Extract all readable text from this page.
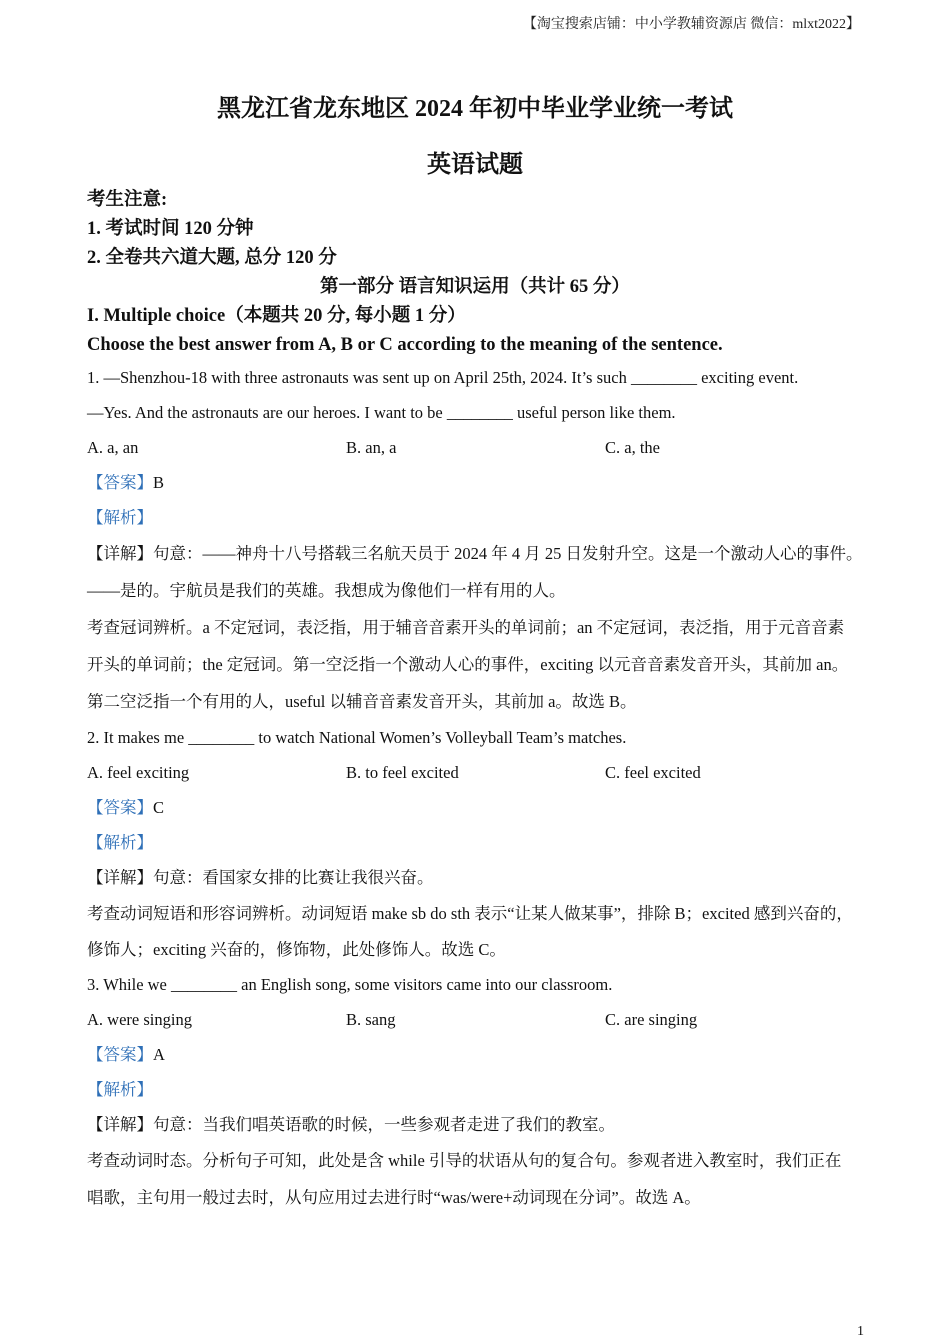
【淘宝搜索店铺：中小学教辅资源店 微信：mlxt2022】
黑龙江省龙东地区 2024 年初中毕业学业统一考试
英语试题
考生注意:
1. 考试时间 120 分钟
2. 全卷共六道大题, 总分 120 分
第一部分 语言知识运用（共计 65 分）
I. Multiple choice（本题共 20 分, 每小题 1 分）
Choose the best answer from A, B or C according to the meaning of the sentence.
1. —Shenzhou-18 with three astronauts was sent up on April 25th, 2024. It’s such ________ exciting event.
—Yes. And the astronauts are our heroes. I want to be ________ useful person like them.
A. a, an	B. an, a	C. a, the
【答案】B
【解析】
【详解】句意：——神舟十八号搭载三名航天员于 2024 年 4 月 25 日发射升空。这是一个激动人心的事件。
——是的。宇航员是我们的英雄。我想成为像他们一样有用的人。
考查冠词辨析。a 不定冠词，表泛指，用于辅音音素开头的单词前；an 不定冠词，表泛指，用于元音音素
开头的单词前；the 定冠词。第一空泛指一个激动人心的事件，exciting 以元音音素发音开头，其前加 an。
第二空泛指一个有用的人，useful 以辅音音素发音开头，其前加 a。故选 B。
2. It makes me ________ to watch National Women’s Volleyball Team’s matches.
A. feel exciting	B. to feel excited	C. feel excited
【答案】C
【解析】
【详解】句意：看国家女排的比赛让我很兴奋。
考查动词短语和形容词辨析。动词短语 make sb do sth 表示“让某人做某事”，排除 B；excited 感到兴奋的，
修饰人；exciting 兴奋的，修饰物，此处修饰人。故选 C。
3. While we ________ an English song, some visitors came into our classroom.
A. were singing	B. sang	C. are singing
【答案】A
【解析】
【详解】句意：当我们唱英语歌的时候，一些参观者走进了我们的教室。
考查动词时态。分析句子可知，此处是含 while 引导的状语从句的复合句。参观者进入教室时，我们正在
唱歌，主句用一般过去时，从句应用过去进行时“was/were+动词现在分词”。故选 A。
1
